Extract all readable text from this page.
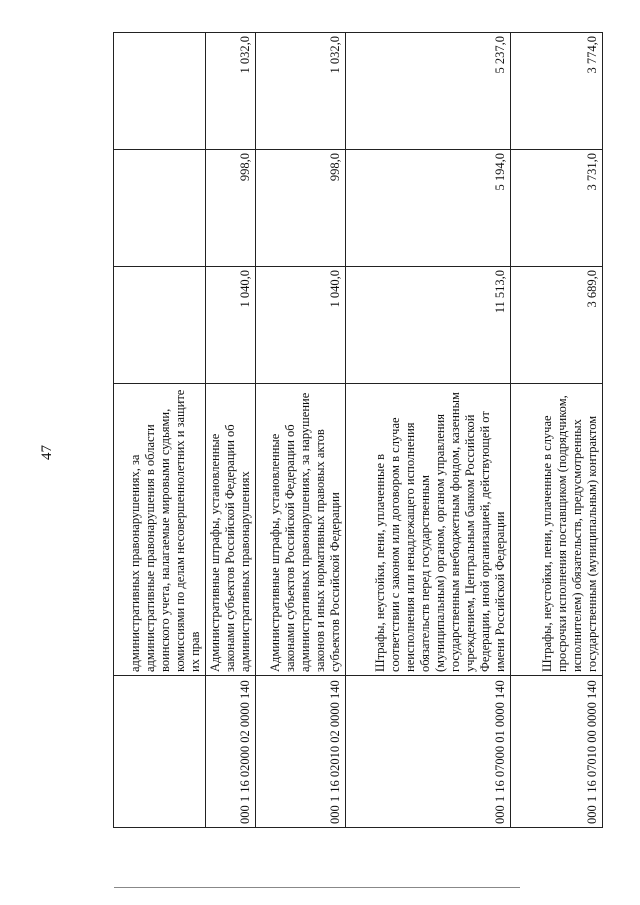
47
	административных правонарушениях, за административные правонарушения в области воинского учета, налагаемые мировыми судьями, комиссиями по делам несовершеннолетних и защите их прав			
000 1 16 02000 02 0000 140	Административные штрафы, установленные законами субъектов Российской Федерации об административных правонарушениях	1 040,0	998,0	1 032,0
000 1 16 02010 02 0000 140	Административные штрафы, установленные законами субъектов Российской Федерации об административных правонарушениях, за нарушение законов и иных нормативных правовых актов субъектов Российской Федерации	1 040,0	998,0	1 032,0
000 1 16 07000 01 0000 140	Штрафы, неустойки, пени, уплаченные в соответствии с законом или договором в случае неисполнения или ненадлежащего исполнения обязательств перед государственным (муниципальным) органом, органом управления государственным внебюджетным фондом, казенным учреждением, Центральным банком Российской Федерации, иной организацией, действующей от имени Российской Федерации	11 513,0	5 194,0	5 237,0
000 1 16 07010 00 0000 140	Штрафы, неустойки, пени, уплаченные в случае просрочки исполнения поставщиком (подрядчиком, исполнителем) обязательств, предусмотренных государственным (муниципальным) контрактом	3 689,0	3 731,0	3 774,0
